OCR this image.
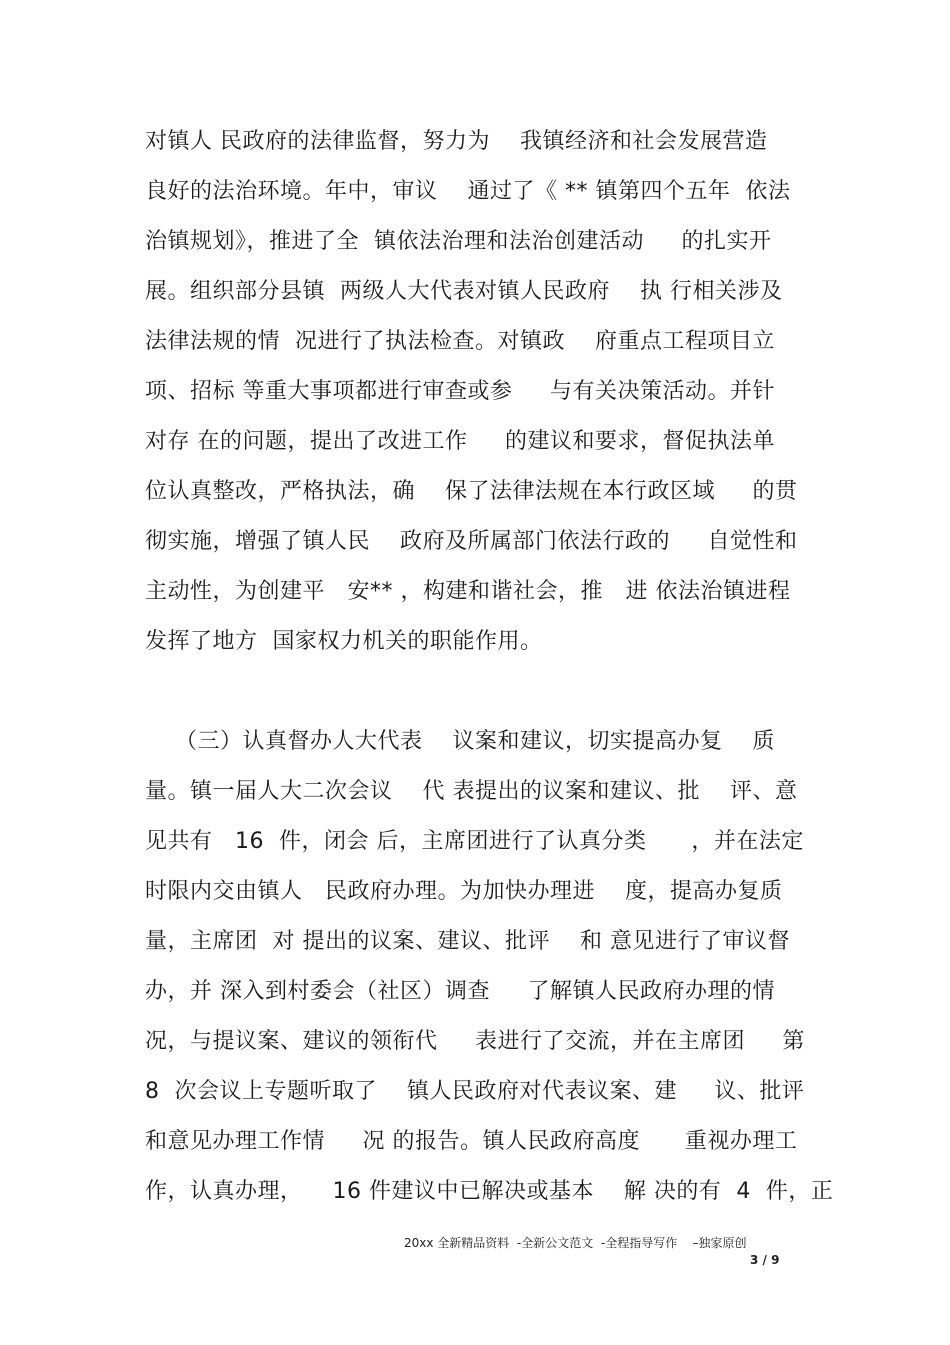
对镇人 民政府的法律监督，努力为    我镇经济和社会发展营造
良好的法治环境。年中，审议    通过了《 ** 镇第四个五年  依法
治镇规划》，推进了全  镇依法治理和法治创建活动     的扎实开
展。组织部分县镇  两级人大代表对镇人民政府    执 行相关涉及
法律法规的情  况进行了执法检查。对镇政    府重点工程项目立
项、招标 等重大事项都进行审查或参     与有关决策活动。并针
对存 在的问题，提出了改进工作     的建议和要求，督促执法单
位认真整改，严格执法，确    保了法律法规在本行政区域     的贯
彻实施，增强了镇人民    政府及所属部门依法行政的     自觉性和
主动性，为创建平   安** ，构建和谐社会，推   进 依法治镇进程
发挥了地方  国家权力机关的职能作用。
（三）认真督办人大代表    议案和建议，切实提高办复    质
量。镇一届人大二次会议    代 表提出的议案和建议、批    评、意
见共有   16  件，闭会 后，主席团进行了认真分类      ，并在法定
时限内交由镇人   民政府办理。为加快办理进    度，提高办复质
量，主席团  对 提出的议案、建议、批评    和 意见进行了审议督
办，并 深入到村委会（社区）调查     了解镇人民政府办理的情
况，与提议案、建议的领衔代     表进行了交流，并在主席团     第
8  次会议上专题听取了    镇人民政府对代表议案、建     议、批评
和意见办理工作情     况 的报告。镇人民政府高度      重视办理工
作，认真办理，    16 件建议中已解决或基本    解 决的有  4  件，正
20xx 全新精品资料  -全新公文范文  -全程指导写作    –独家原创
3 / 9
